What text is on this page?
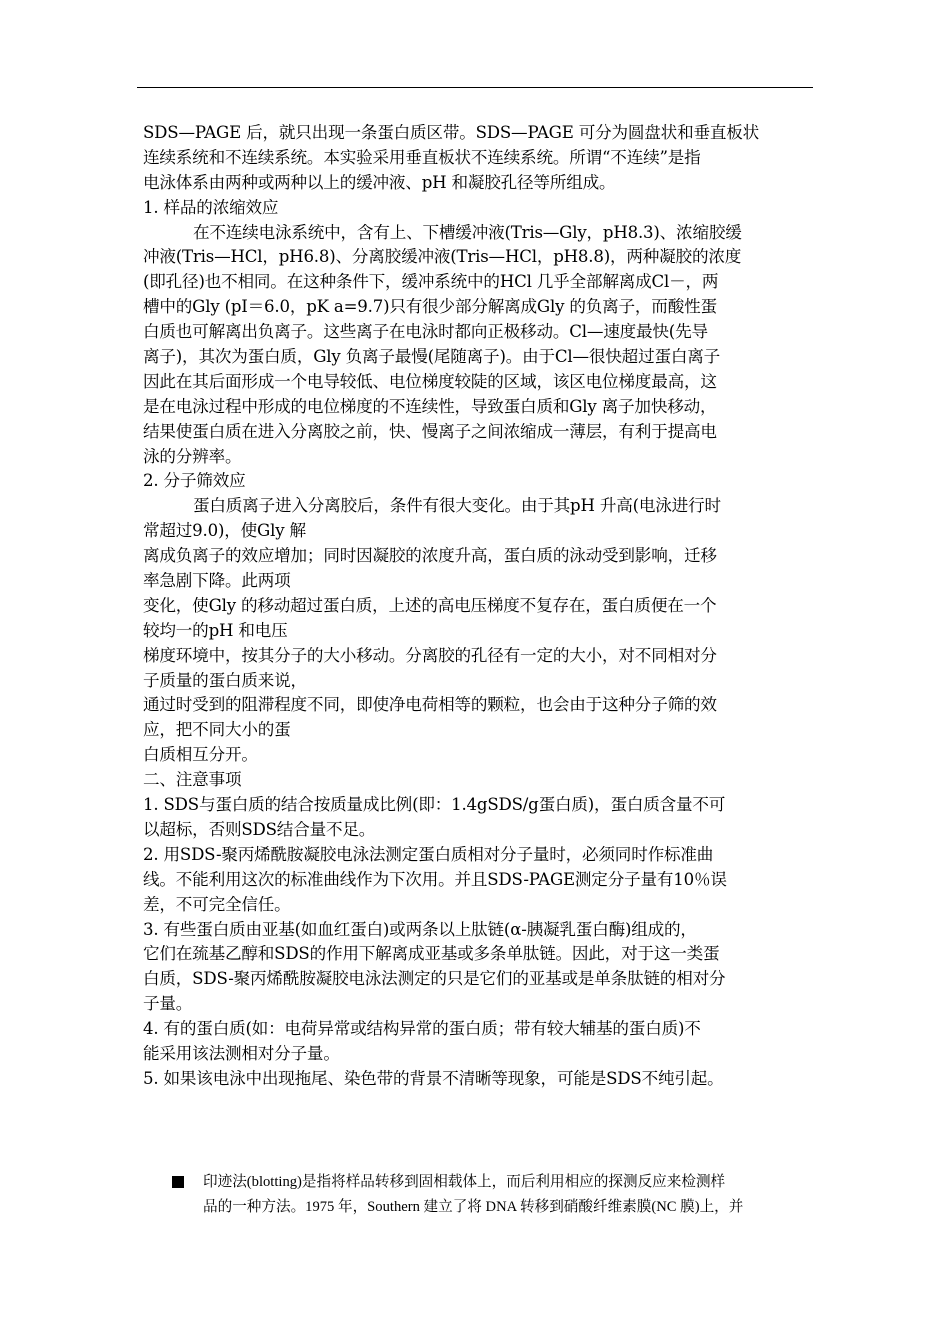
SDS—PAGE 后，就只出现一条蛋白质区带。SDS—PAGE 可分为圆盘状和垂直板状
连续系统和不连续系统。本实验采用垂直板状不连续系统。所谓“不连续”是指
电泳体系由两种或两种以上的缓冲液、pH 和凝胶孔径等所组成。
1. 样品的浓缩效应
在不连续电泳系统中，含有上、下槽缓冲液(Tris—Gly，pH8.3)、浓缩胶缓
冲液(Tris—HCl，pH6.8)、分离胶缓冲液(Tris—HCl，pH8.8)，两种凝胶的浓度
(即孔径)也不相同。在这种条件下，缓冲系统中的HCl 几乎全部解离成Cl－，两
槽中的Gly (pI＝6.0，pK a=9.7)只有很少部分解离成Gly 的负离子，而酸性蛋
白质也可解离出负离子。这些离子在电泳时都向正极移动。Cl—速度最快(先导
离子)，其次为蛋白质，Gly 负离子最慢(尾随离子)。由于Cl—很快超过蛋白离子
因此在其后面形成一个电导较低、电位梯度较陡的区域，该区电位梯度最高，这
是在电泳过程中形成的电位梯度的不连续性，导致蛋白质和Gly 离子加快移动，
结果使蛋白质在进入分离胶之前，快、慢离子之间浓缩成一薄层，有利于提高电
泳的分辨率。
2. 分子筛效应
蛋白质离子进入分离胶后，条件有很大变化。由于其pH 升高(电泳进行时
常超过9.0)，使Gly 解
离成负离子的效应增加；同时因凝胶的浓度升高，蛋白质的泳动受到影响，迁移
率急剧下降。此两项
变化，使Gly 的移动超过蛋白质，上述的高电压梯度不复存在，蛋白质便在一个
较均一的pH 和电压
梯度环境中，按其分子的大小移动。分离胶的孔径有一定的大小，对不同相对分
子质量的蛋白质来说，
通过时受到的阻滞程度不同，即使净电荷相等的颗粒，也会由于这种分子筛的效
应，把不同大小的蛋
白质相互分开。
二、注意事项
1. SDS与蛋白质的结合按质量成比例(即：1.4gSDS/g蛋白质)，蛋白质含量不可
以超标，否则SDS结合量不足。
2. 用SDS-聚丙烯酰胺凝胶电泳法测定蛋白质相对分子量时，必须同时作标准曲
线。不能利用这次的标准曲线作为下次用。并且SDS-PAGE测定分子量有10％误
差，不可完全信任。
3. 有些蛋白质由亚基(如血红蛋白)或两条以上肽链(α-胰凝乳蛋白酶)组成的，
它们在巯基乙醇和SDS的作用下解离成亚基或多条单肽链。因此，对于这一类蛋
白质，SDS-聚丙烯酰胺凝胶电泳法测定的只是它们的亚基或是单条肽链的相对分
子量。
4. 有的蛋白质(如：电荷异常或结构异常的蛋白质；带有较大辅基的蛋白质)不
能采用该法测相对分子量。
5. 如果该电泳中出现拖尾、染色带的背景不清晰等现象，可能是SDS不纯引起。
印迹法(blotting)是指将样品转移到固相载体上，而后利用相应的探测反应来检测样
品的一种方法。1975 年，Southern 建立了将 DNA 转移到硝酸纤维素膜(NC 膜)上，并
